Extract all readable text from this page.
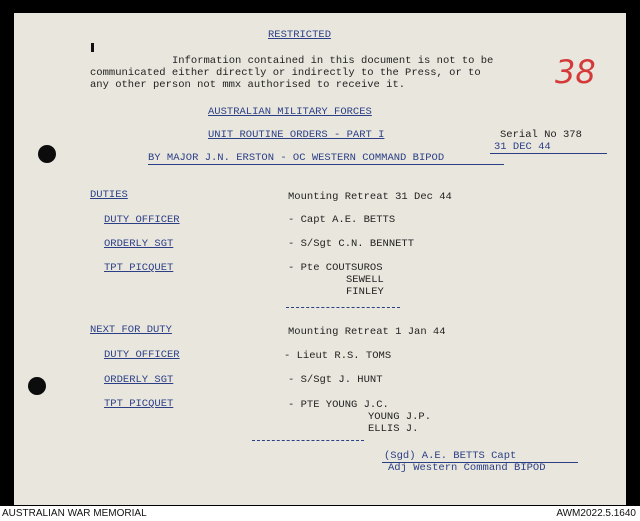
RESTRICTED
Information contained in this document is not to be
communicated either directly or indirectly to the Press, or to
any other person not mmx authorised to receive it.	38
AUSTRALIAN MILITARY FORCES
UNIT ROUTINE ORDERS - PART I	Serial No 378
31 DEC 44
BY MAJOR J.N. ERSTON - OC WESTERN COMMAND BIPOD
DUTIES	Mounting Retreat 31 Dec 44
DUTY OFFICER	- Capt A.E. BETTS
ORDERLY SGT	- S/Sgt C.N. BENNETT
TPT PICQUET	- Pte COUTSUROS
SEWELL
FINLEY
NEXT FOR DUTY	Mounting Retreat 1 Jan 44
DUTY OFFICER	- Lieut R.S. TOMS
ORDERLY SGT	- S/Sgt J. HUNT
TPT PICQUET	- PTE YOUNG J.C.
YOUNG J.P.
ELLIS J.
(Sgd) A.E. BETTS Capt
Adj Western Command BIPOD
AUSTRALIAN WAR MEMORIAL	AWM2022.5.1640
